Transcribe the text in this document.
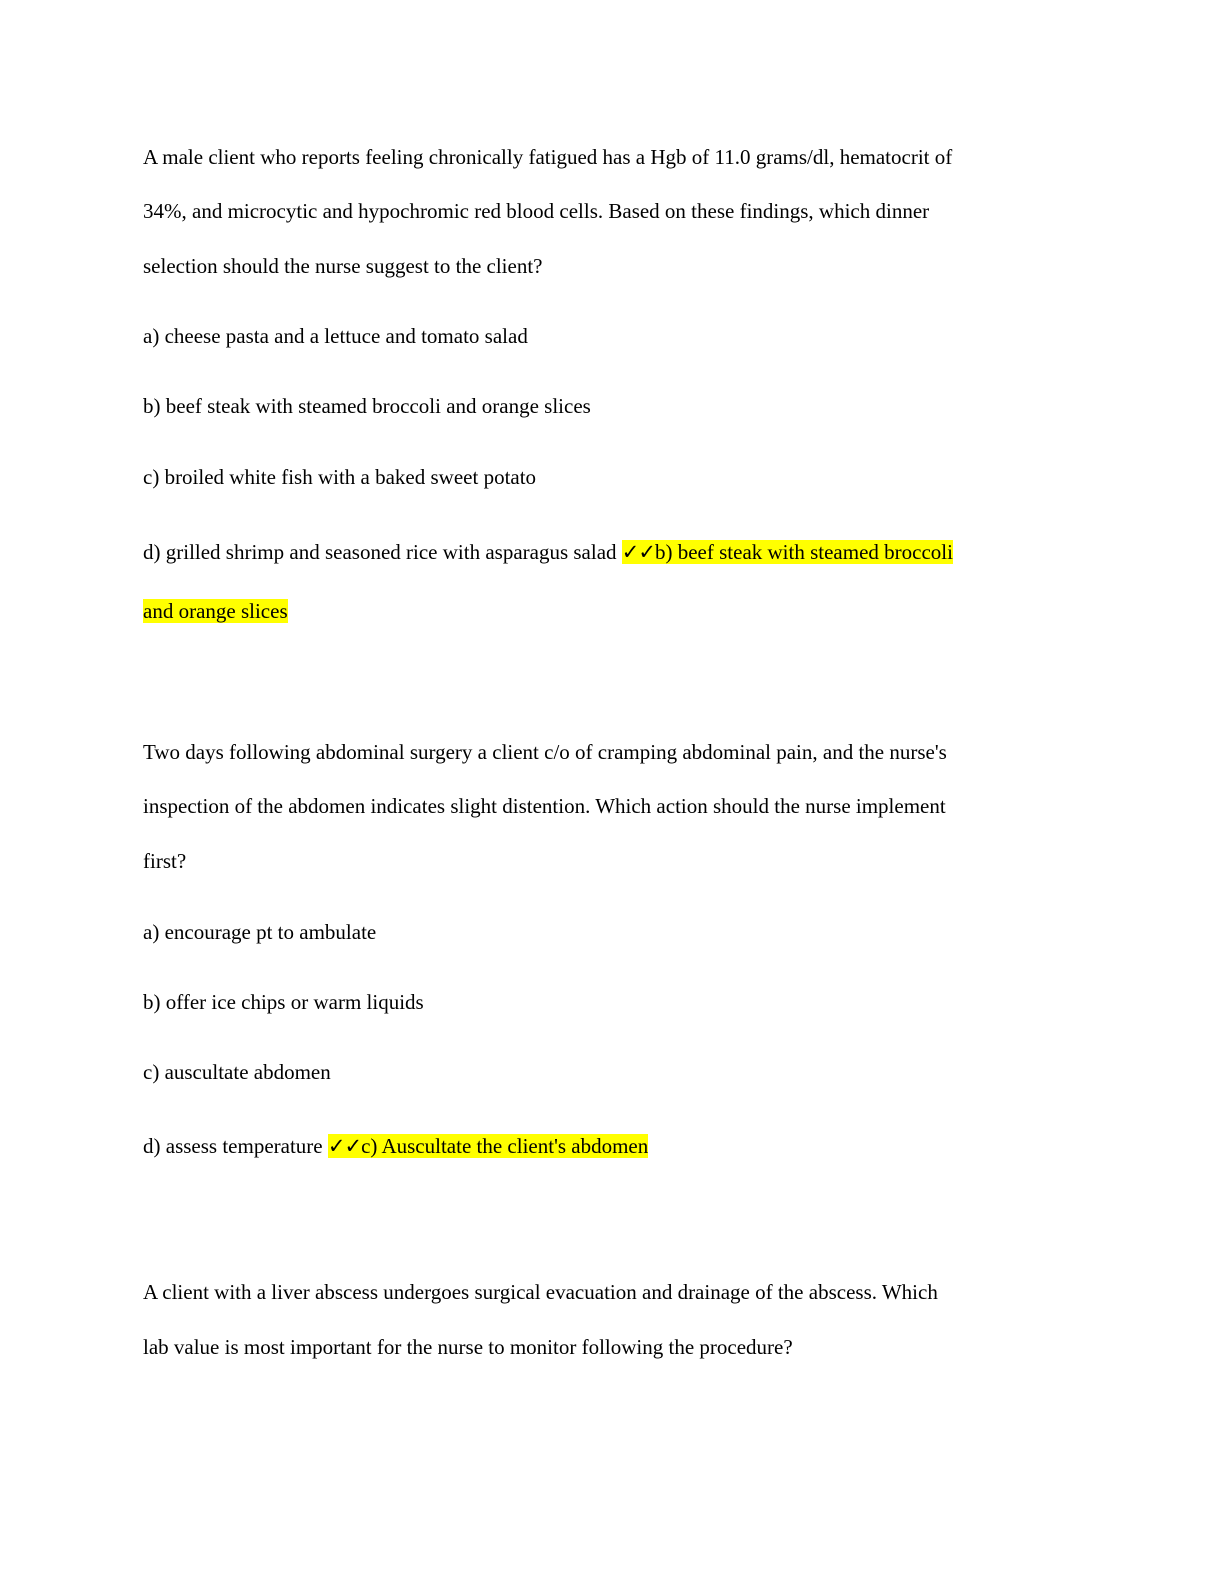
A male client who reports feeling chronically fatigued has a Hgb of 11.0 grams/dl, hematocrit of
34%, and microcytic and hypochromic red blood cells. Based on these findings, which dinner
selection should the nurse suggest to the client?
a) cheese pasta and a lettuce and tomato salad
b) beef steak with steamed broccoli and orange slices
c) broiled white fish with a baked sweet potato
d) grilled shrimp and seasoned rice with asparagus salad ✓✓b) beef steak with steamed broccoli
and orange slices
Two days following abdominal surgery a client c/o of cramping abdominal pain, and the nurse's
inspection of the abdomen indicates slight distention. Which action should the nurse implement
first?
a) encourage pt to ambulate
b) offer ice chips or warm liquids
c) auscultate abdomen
d) assess temperature ✓✓c) Auscultate the client's abdomen
A client with a liver abscess undergoes surgical evacuation and drainage of the abscess. Which
lab value is most important for the nurse to monitor following the procedure?
